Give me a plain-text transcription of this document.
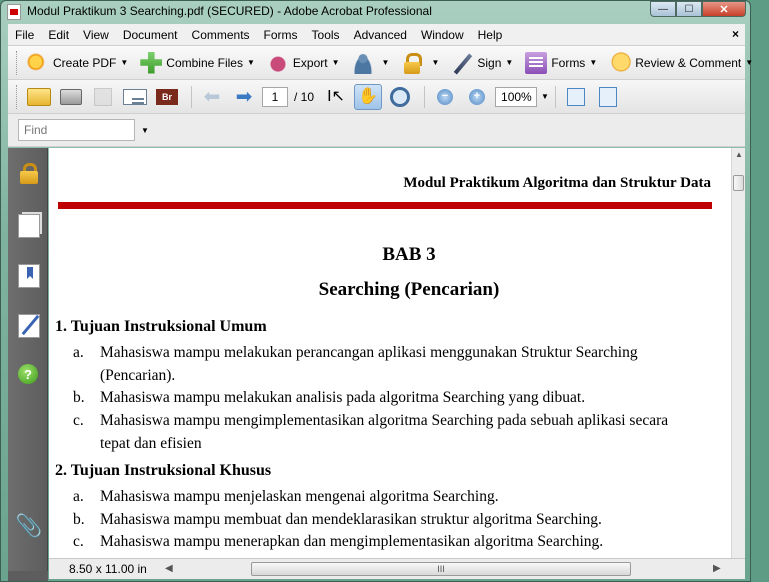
Modul Praktikum 3 Searching.pdf (SECURED) - Adobe Acrobat Professional	—	☐	✕
File	Edit	View	Document	Comments	Forms	Tools	Advanced	Window	Help	×
Create PDF ▼	Combine Files ▼	Export ▼	▼	▼	Sign ▼	Forms ▼	Review & Comment ▼
Br	⬅ ➡	1	/ 10 I↖ ✋	−	+	100%	▼
Find	▼
?
📎
Modul Praktikum Algoritma dan Struktur Data
BAB 3
Searching (Pencarian)
1. Tujuan Instruksional Umum
a. Mahasiswa mampu melakukan perancangan aplikasi menggunakan Struktur Searching
(Pencarian).
b. Mahasiswa mampu melakukan analisis pada algoritma Searching yang dibuat.
c. Mahasiswa mampu mengimplementasikan algoritma Searching pada sebuah aplikasi secara
tepat dan efisien
2. Tujuan Instruksional Khusus
a. Mahasiswa mampu menjelaskan mengenai algoritma Searching.
b. Mahasiswa mampu membuat dan mendeklarasikan struktur algoritma Searching.
c. Mahasiswa mampu menerapkan dan mengimplementasikan algoritma Searching.
▲
8.50 x 11.00 in ◀	III	▶
